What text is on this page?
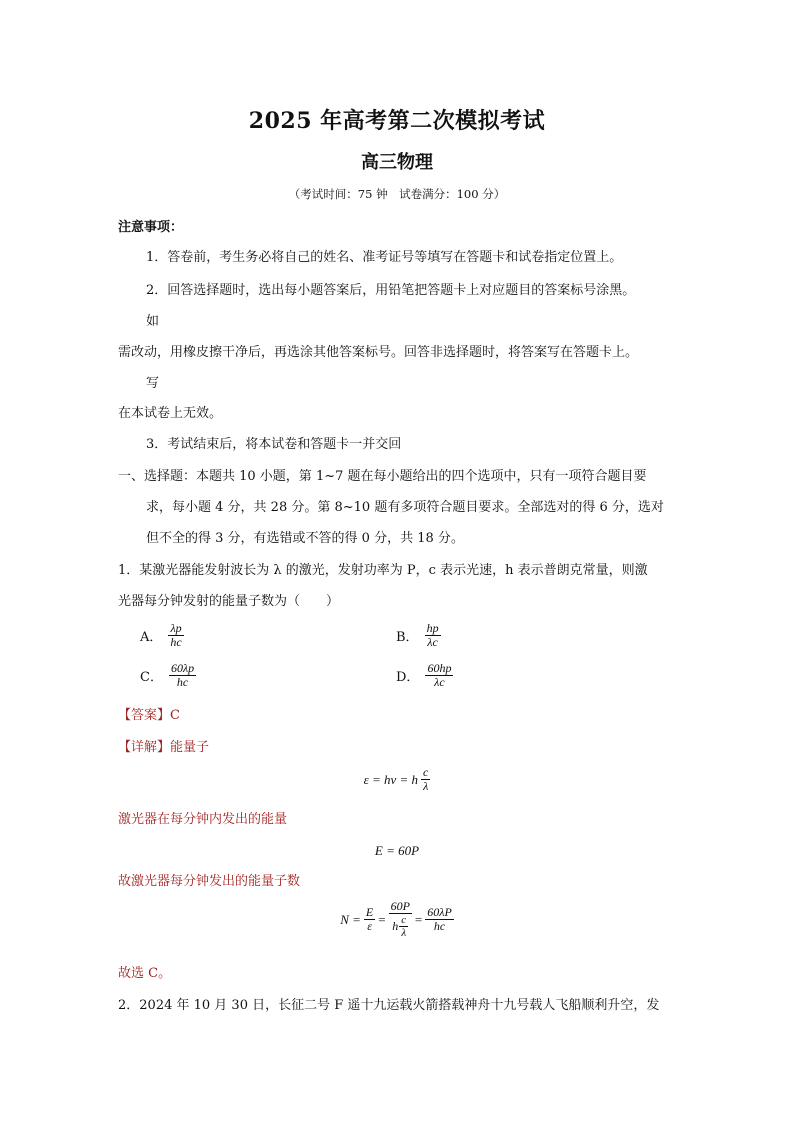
2025 年高考第二次模拟考试
高三物理
（考试时间：75 钟　试卷满分：100 分）
注意事项：
1．答卷前，考生务必将自己的姓名、准考证号等填写在答题卡和试卷指定位置上。
2．回答选择题时，选出每小题答案后，用铅笔把答题卡上对应题目的答案标号涂黑。
如
需改动，用橡皮擦干净后，再选涂其他答案标号。回答非选择题时，将答案写在答题卡上。
写
在本试卷上无效。
3．考试结束后，将本试卷和答题卡一并交回
一、选择题：本题共 10 小题，第 1~7 题在每小题给出的四个选项中，只有一项符合题目要
求，每小题 4 分，共 28 分。第 8~10 题有多项符合题目要求。全部选对的得 6 分，选对
但不全的得 3 分，有选错或不答的得 0 分，共 18 分。
1．某激光器能发射波长为 λ 的激光，发射功率为 P，c 表示光速，h 表示普朗克常量，则激
光器每分钟发射的能量子数为（　　）
A． $\frac{\lambda p}{hc}$	B． $\frac{hp}{\lambda c}$
C． $\frac{60\lambda p}{hc}$	D． $\frac{60hp}{\lambda c}$
【答案】C
【详解】能量子
ε = hν = h $\frac{c}{\lambda}$
激光器在每分钟内发出的能量
E = 60P
故激光器每分钟发出的能量子数
$N = \frac{E}{\varepsilon} = \frac{60P}{h \frac{c}{\lambda}} = \frac{60\lambda P}{hc}$
故选 C。
2．2024 年 10 月 30 日，长征二号 F 遥十九运载火箭搭载神舟十九号载人飞船顺利升空，发
